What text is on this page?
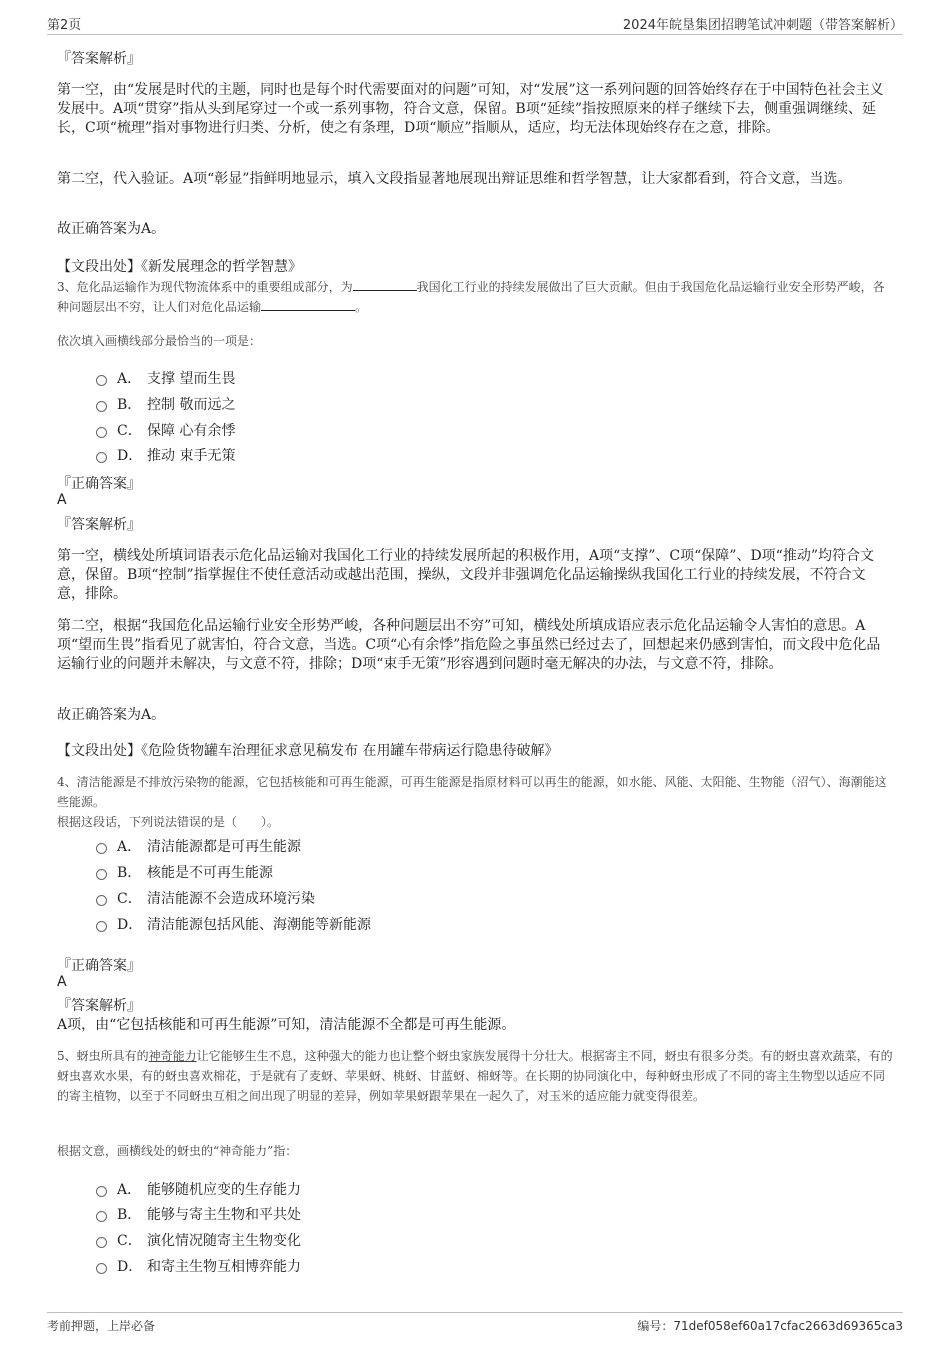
第2页	2024年皖垦集团招聘笔试冲刺题（带答案解析）
『答案解析』
第一空，由“发展是时代的主题，同时也是每个时代需要面对的问题”可知，对“发展”这一系列问题的回答始终存在于中国特色社会主义发展中。A项“贯穿”指从头到尾穿过一个或一系列事物，符合文意，保留。B项“延续”指按照原来的样子继续下去，侧重强调继续、延长，C项“梳理”指对事物进行归类、分析，使之有条理，D项“顺应”指顺从，适应，均无法体现始终存在之意，排除。
第二空，代入验证。A项“彰显”指鲜明地显示，填入文段指显著地展现出辩证思维和哲学智慧，让大家都看到，符合文意，当选。
故正确答案为A。
【文段出处】《新发展理念的哲学智慧》
3、危化品运输作为现代物流体系中的重要组成部分，为	我国化工行业的持续发展做出了巨大贡献。但由于我国危化品运输行业安全形势严峻，各种问题层出不穷，让人们对危化品运输	。
依次填入画横线部分最恰当的一项是：
A． 支撑 望而生畏
B． 控制 敬而远之
C． 保障 心有余悸
D． 推动 束手无策
『正确答案』
A
『答案解析』
第一空，横线处所填词语表示危化品运输对我国化工行业的持续发展所起的积极作用，A项“支撑”、C项“保障”、D项“推动”均符合文意，保留。B项“控制”指掌握住不使任意活动或越出范围，操纵，文段并非强调危化品运输操纵我国化工行业的持续发展，不符合文意，排除。
第二空，根据“我国危化品运输行业安全形势严峻，各种问题层出不穷”可知，横线处所填成语应表示危化品运输令人害怕的意思。A项“望而生畏”指看见了就害怕，符合文意，当选。C项“心有余悸”指危险之事虽然已经过去了，回想起来仍感到害怕，而文段中危化品运输行业的问题并未解决，与文意不符，排除；D项“束手无策”形容遇到问题时毫无解决的办法，与文意不符，排除。
故正确答案为A。
【文段出处】《危险货物罐车治理征求意见稿发布 在用罐车带病运行隐患待破解》
4、清洁能源是不排放污染物的能源，它包括核能和可再生能源，可再生能源是指原材料可以再生的能源，如水能、风能、太阳能、生物能（沼气）、海潮能这些能源。
根据这段话，下列说法错误的是（　　）。
A． 清洁能源都是可再生能源
B． 核能是不可再生能源
C． 清洁能源不会造成环境污染
D． 清洁能源包括风能、海潮能等新能源
『正确答案』
A
『答案解析』
A项，由“它包括核能和可再生能源”可知，清洁能源不全都是可再生能源。
5、蚜虫所具有的神奇能力让它能够生生不息，这种强大的能力也让整个蚜虫家族发展得十分壮大。根据寄主不同，蚜虫有很多分类。有的蚜虫喜欢蔬菜，有的蚜虫喜欢水果，有的蚜虫喜欢棉花，于是就有了麦蚜、苹果蚜、桃蚜、甘蓝蚜、棉蚜等。在长期的协同演化中，每种蚜虫形成了不同的寄主生物型以适应不同的寄主植物，以至于不同蚜虫互相之间出现了明显的差异，例如苹果蚜跟苹果在一起久了，对玉米的适应能力就变得很差。
根据文意，画横线处的蚜虫的“神奇能力”指：
A． 能够随机应变的生存能力
B． 能够与寄主生物和平共处
C． 演化情况随寄主生物变化
D． 和寄主生物互相博弈能力
考前押题，上岸必备	编号：71def058ef60a17cfac2663d69365ca3
